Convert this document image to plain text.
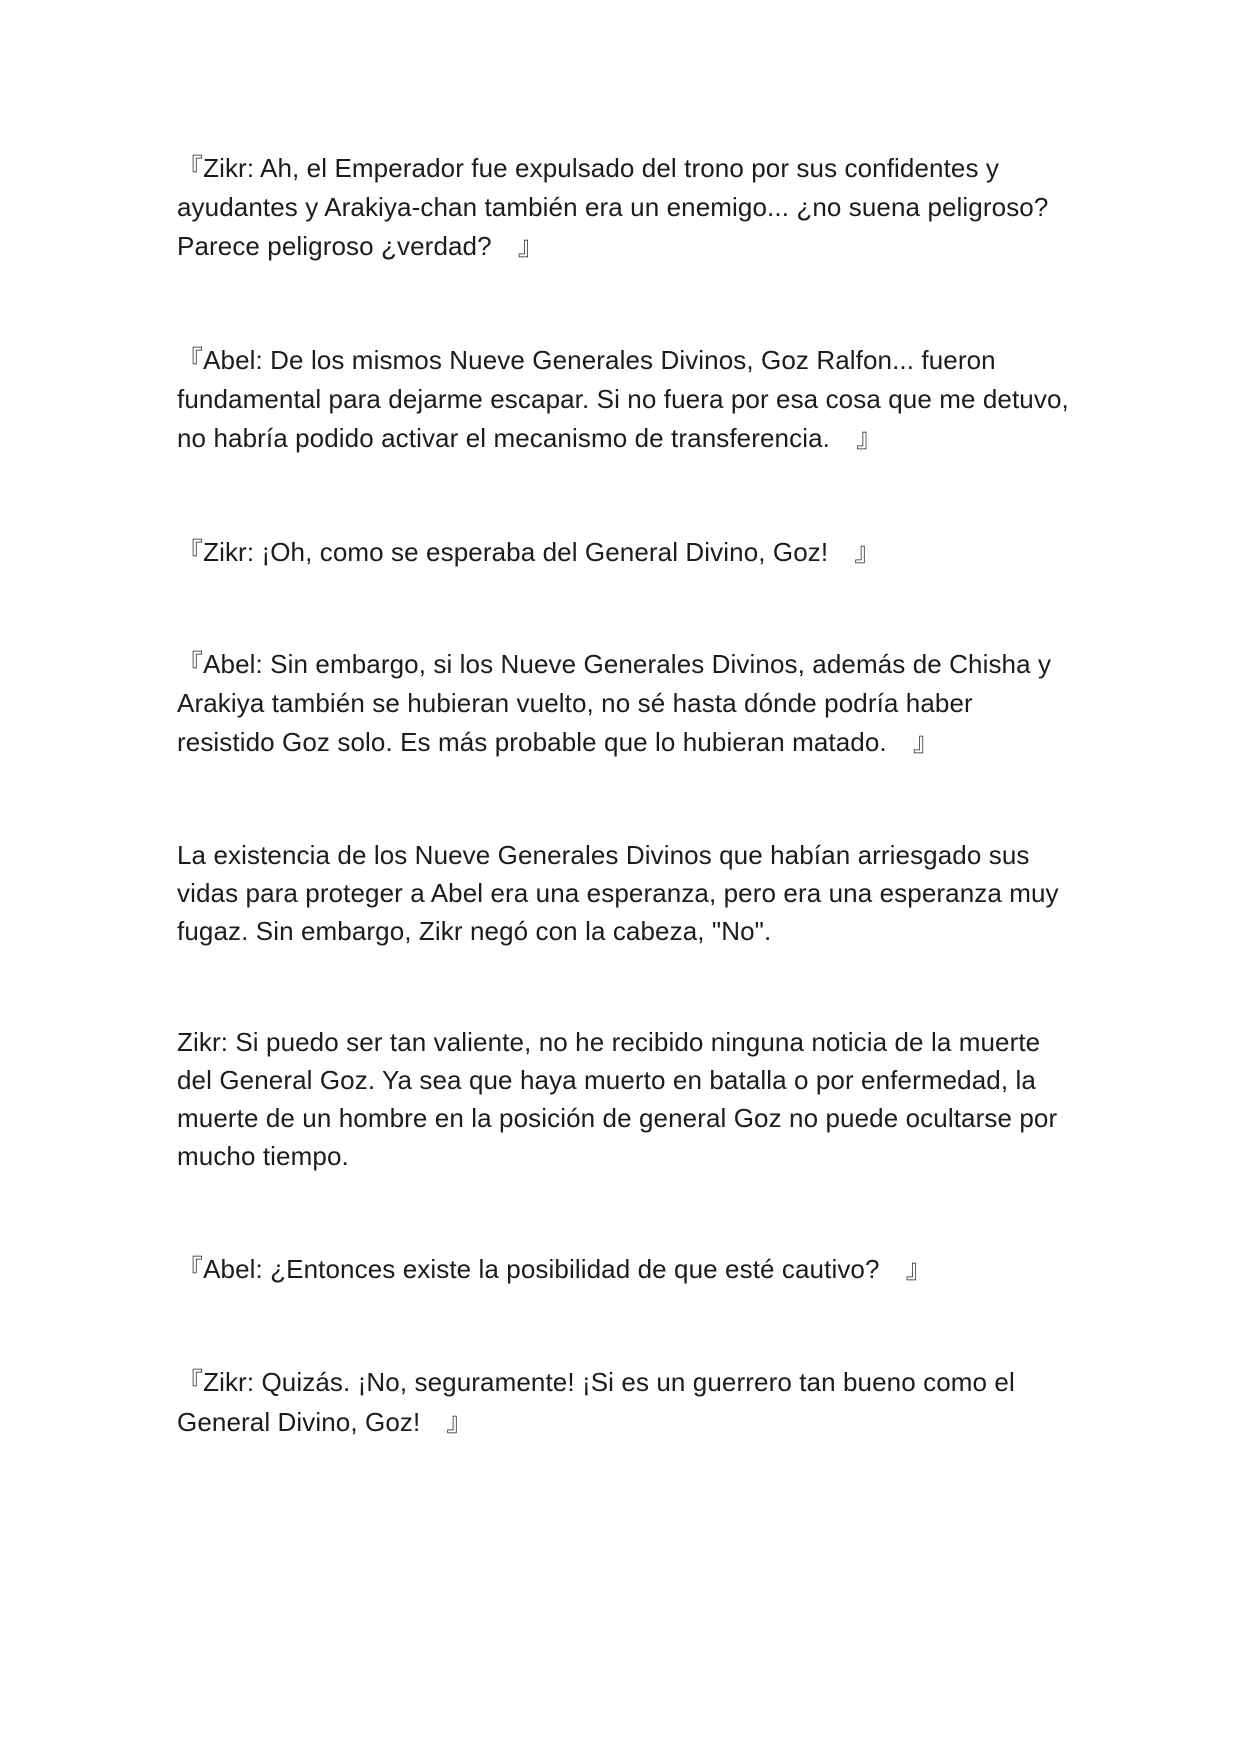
『Zikr: Ah, el Emperador fue expulsado del trono por sus confidentes y ayudantes y Arakiya-chan también era un enemigo... ¿no suena peligroso? Parece peligroso ¿verdad?　』

『Abel: De los mismos Nueve Generales Divinos, Goz Ralfon... fueron fundamental para dejarme escapar. Si no fuera por esa cosa que me detuvo, no habría podido activar el mecanismo de transferencia.　』

『Zikr: ¡Oh, como se esperaba del General Divino, Goz!　』

『Abel: Sin embargo, si los Nueve Generales Divinos, además de Chisha y Arakiya también se hubieran vuelto, no sé hasta dónde podría haber resistido Goz solo. Es más probable que lo hubieran matado.　』

La existencia de los Nueve Generales Divinos que habían arriesgado sus vidas para proteger a Abel era una esperanza, pero era una esperanza muy fugaz. Sin embargo, Zikr negó con la cabeza, "No".

Zikr: Si puedo ser tan valiente, no he recibido ninguna noticia de la muerte del General Goz. Ya sea que haya muerto en batalla o por enfermedad, la muerte de un hombre en la posición de general Goz no puede ocultarse por mucho tiempo.

『Abel: ¿Entonces existe la posibilidad de que esté cautivo?　』

『Zikr: Quizás. ¡No, seguramente! ¡Si es un guerrero tan bueno como el General Divino, Goz!　』
